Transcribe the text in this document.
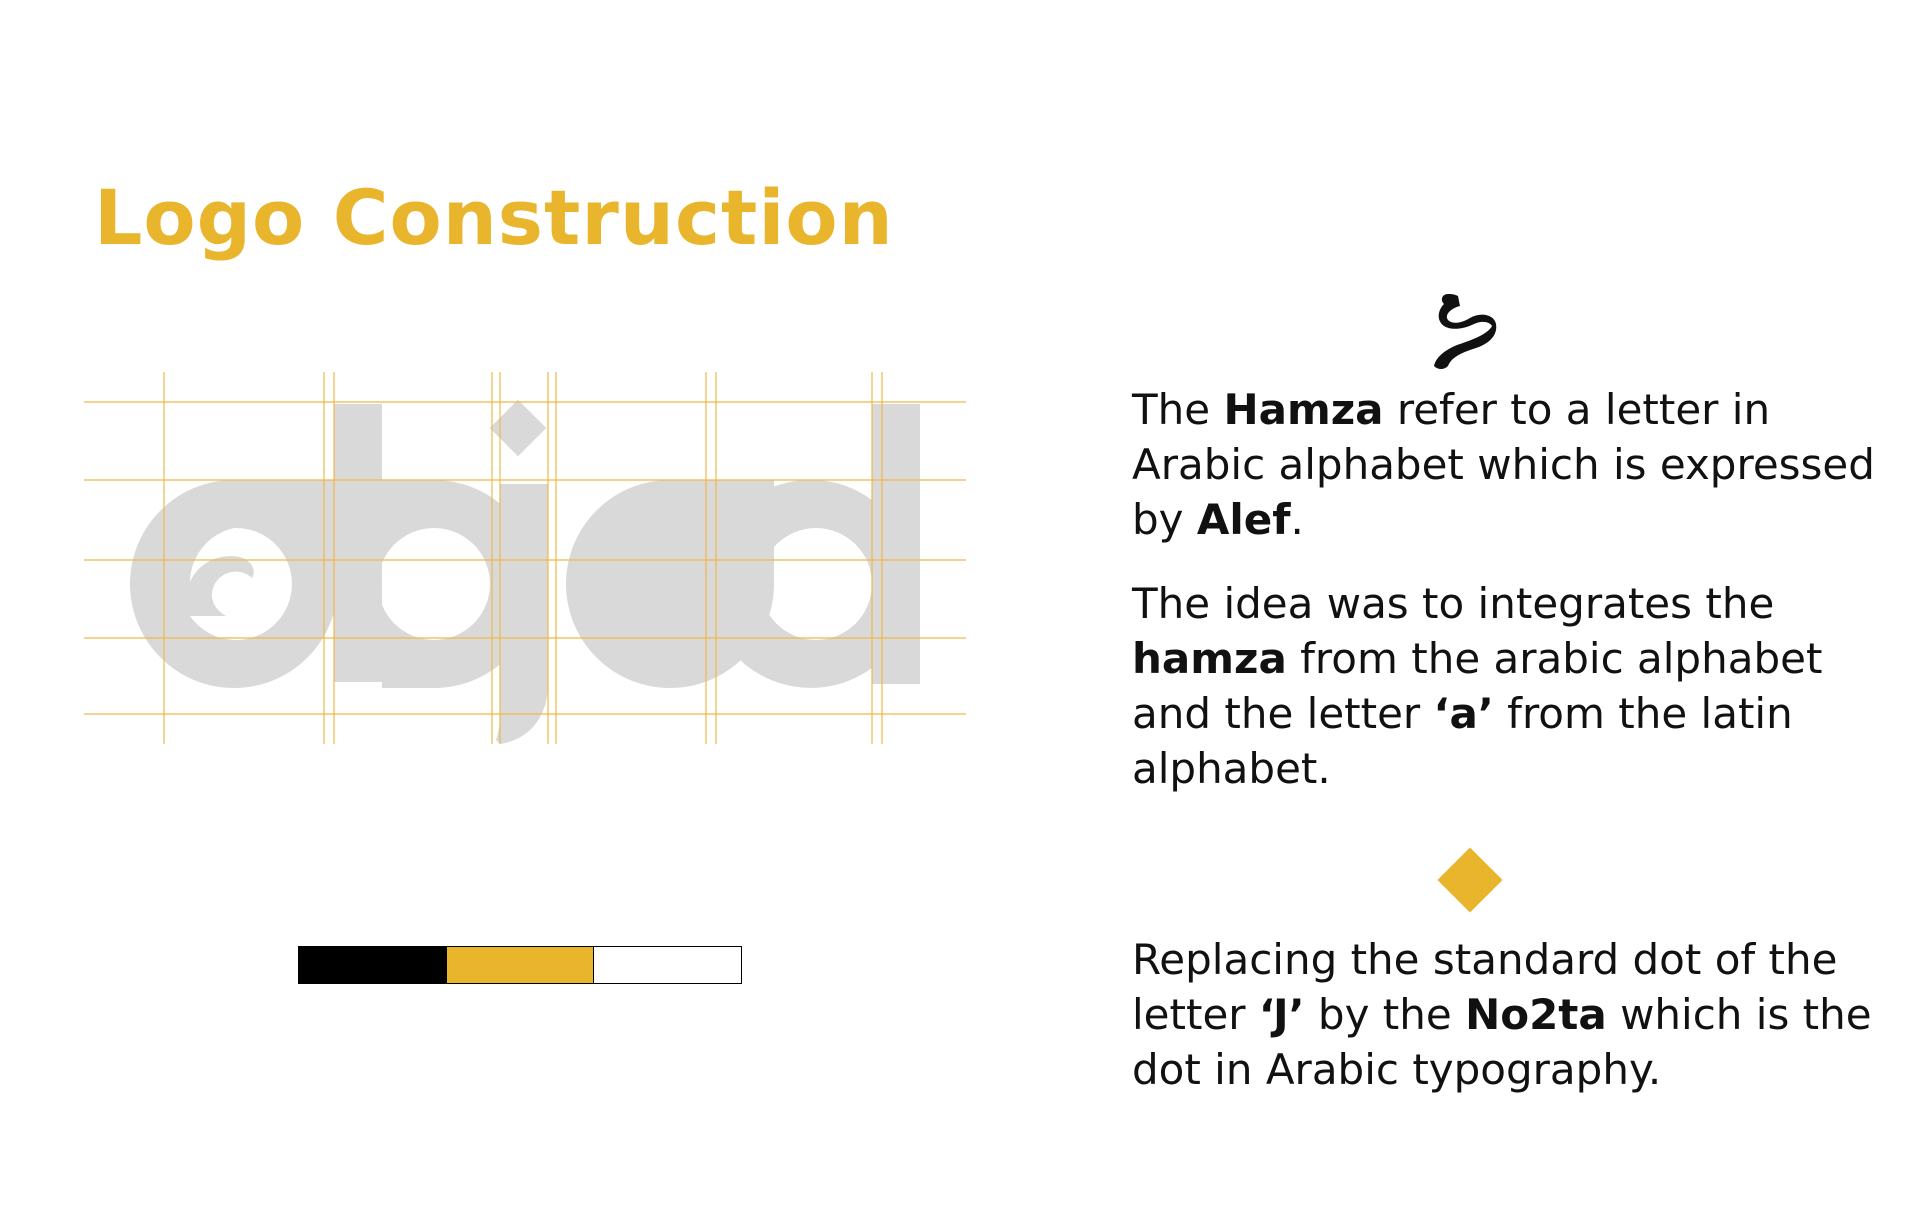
Logo Construction

The Hamza refer to a letter in Arabic alphabet which is expressed by Alef.

The idea was to integrates the hamza from the arabic alphabet and the letter ‘a’ from the latin alphabet.

Replacing the standard dot of the letter ‘J’ by the No2ta which is the dot in Arabic typography.
